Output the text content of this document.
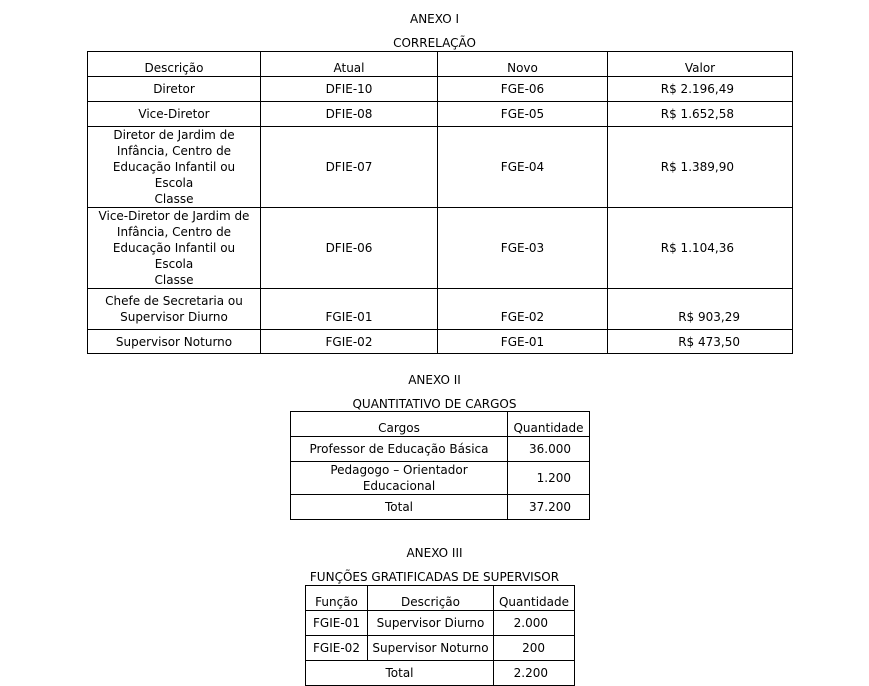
ANEXO I
CORRELAÇÃO
Descrição	Atual	Novo	Valor
Diretor	DFIE-10	FGE-06	R$ 2.196,49
Vice-Diretor	DFIE-08	FGE-05	R$ 1.652,58

Diretor de Jardim de
Infância, Centro de
Educação Infantil ou Escola
Classe	DFIE-07	FGE-04	R$ 1.389,90

Vice-Diretor de Jardim de
Infância, Centro de
Educação Infantil ou Escola
Classe	DFIE-06	FGE-03	R$ 1.104,36

Chefe de Secretaria ou
Supervisor Diurno	FGIE-01	FGE-02	R$ 903,29
Supervisor Noturno	FGIE-02	FGE-01	R$ 473,50
ANEXO II
QUANTITATIVO DE CARGOS
Cargos	Quantidade
Professor de Educação Básica	36.000
Pedagogo – Orientador Educacional	1.200
Total	37.200
ANEXO III
FUNÇÕES GRATIFICADAS DE SUPERVISOR
Função	Descrição	Quantidade
FGIE-01	Supervisor Diurno	2.000
FGIE-02	Supervisor Noturno	200
Total		2.200
